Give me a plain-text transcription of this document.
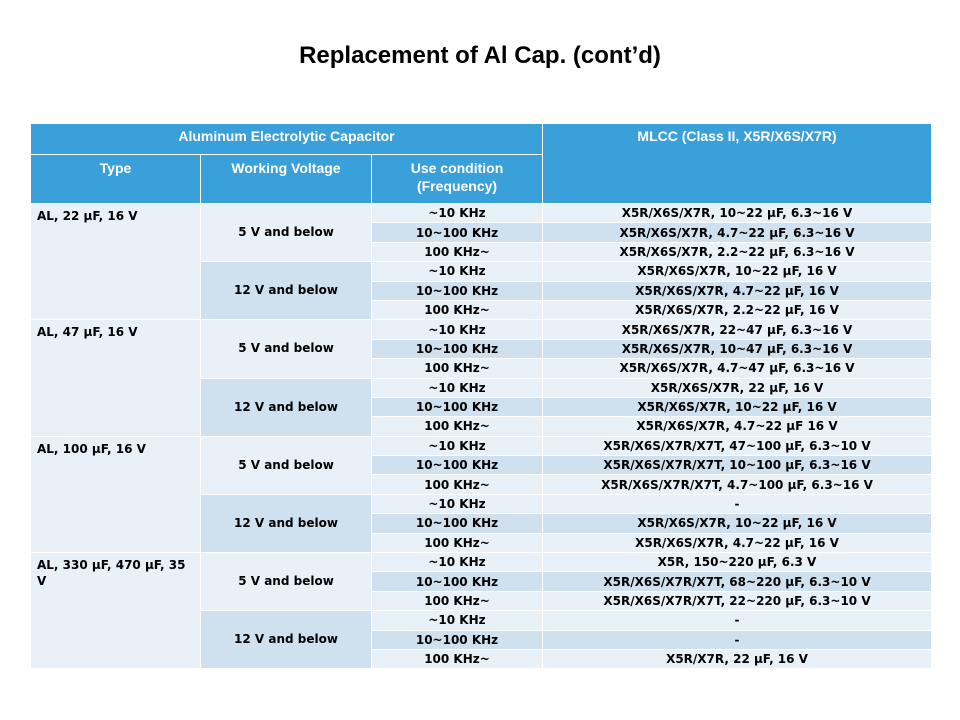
Replacement of Al Cap. (cont’d)
Aluminum Electrolytic Capacitor			MLCC (Class II, X5R/X6S/X7R)
Type	Working Voltage	Use condition (Frequency)	
AL, 22 µF, 16 V	5 V and below	~10 KHz	X5R/X6S/X7R, 10~22 µF, 6.3~16 V
		10~100 KHz	X5R/X6S/X7R, 4.7~22 µF, 6.3~16 V
		100 KHz~	X5R/X6S/X7R, 2.2~22 µF, 6.3~16 V
	12 V and below	~10 KHz	X5R/X6S/X7R, 10~22 µF, 16 V
		10~100 KHz	X5R/X6S/X7R, 4.7~22 µF, 16 V
		100 KHz~	X5R/X6S/X7R, 2.2~22 µF, 16 V
AL, 47 µF, 16 V	5 V and below	~10 KHz	X5R/X6S/X7R, 22~47 µF, 6.3~16 V
		10~100 KHz	X5R/X6S/X7R, 10~47 µF, 6.3~16 V
		100 KHz~	X5R/X6S/X7R, 4.7~47 µF, 6.3~16 V
	12 V and below	~10 KHz	X5R/X6S/X7R, 22 µF, 16 V
		10~100 KHz	X5R/X6S/X7R, 10~22 µF, 16 V
		100 KHz~	X5R/X6S/X7R, 4.7~22 µF 16 V
AL, 100 µF, 16 V	5 V and below	~10 KHz	X5R/X6S/X7R/X7T, 47~100 µF, 6.3~10 V
		10~100 KHz	X5R/X6S/X7R/X7T, 10~100 µF, 6.3~16 V
		100 KHz~	X5R/X6S/X7R/X7T, 4.7~100 µF, 6.3~16 V
	12 V and below	~10 KHz	-
		10~100 KHz	X5R/X6S/X7R, 10~22 µF, 16 V
		100 KHz~	X5R/X6S/X7R, 4.7~22 µF, 16 V
AL, 330 µF, 470 µF, 35 V	5 V and below	~10 KHz	X5R, 150~220 µF, 6.3 V
		10~100 KHz	X5R/X6S/X7R/X7T, 68~220 µF, 6.3~10 V
		100 KHz~	X5R/X6S/X7R/X7T, 22~220 µF, 6.3~10 V
	12 V and below	~10 KHz	-
		10~100 KHz	-
		100 KHz~	X5R/X7R, 22 µF, 16 V
